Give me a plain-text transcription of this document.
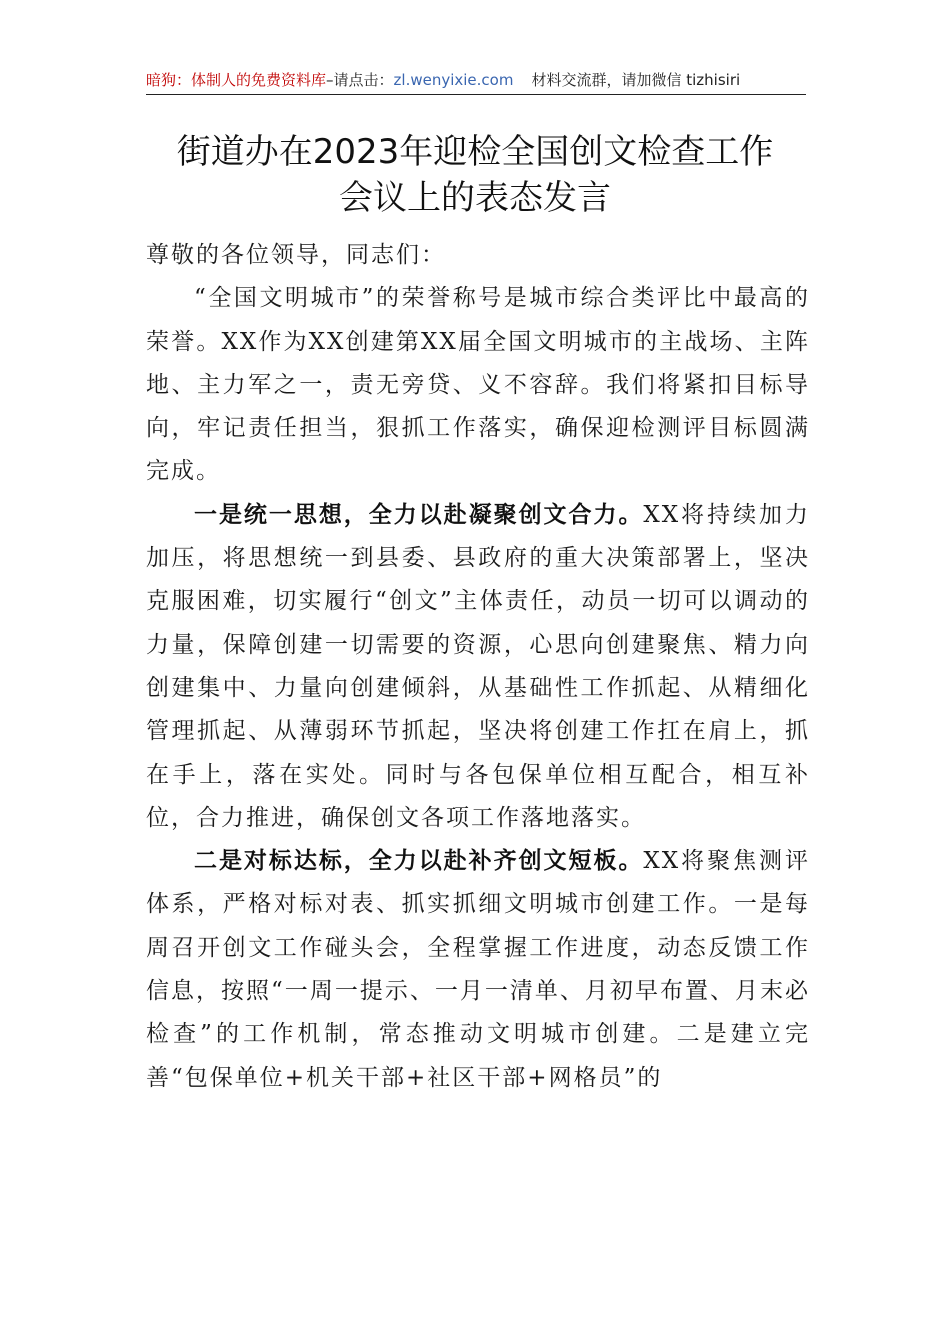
暗狗：体制人的免费资料库–请点击：zl.wenyixie.com 材料交流群，请加微信 tizhisiri
街道办在2023年迎检全国创文检查工作
会议上的表态发言

尊敬的各位领导，同志们：

“全国文明城市”的荣誉称号是城市综合类评比中最高的荣誉。XX作为XX创建第XX届全国文明城市的主战场、主阵地、主力军之一，责无旁贷、义不容辞。我们将紧扣目标导向，牢记责任担当，狠抓工作落实，确保迎检测评目标圆满完成。

一是统一思想，全力以赴凝聚创文合力。XX将持续加力加压，将思想统一到县委、县政府的重大决策部署上，坚决克服困难，切实履行“创文”主体责任，动员一切可以调动的力量，保障创建一切需要的资源，心思向创建聚焦、精力向创建集中、力量向创建倾斜，从基础性工作抓起、从精细化管理抓起、从薄弱环节抓起，坚决将创建工作扛在肩上，抓在手上，落在实处。同时与各包保单位相互配合，相互补位，合力推进，确保创文各项工作落地落实。

二是对标达标，全力以赴补齐创文短板。XX将聚焦测评体系，严格对标对表、抓实抓细文明城市创建工作。一是每周召开创文工作碰头会，全程掌握工作进度，动态反馈工作信息，按照“一周一提示、一月一清单、月初早布置、月末必检查”的工作机制，常态推动文明城市创建。二是建立完善“包保单位+机关干部+社区干部+网格员”的
